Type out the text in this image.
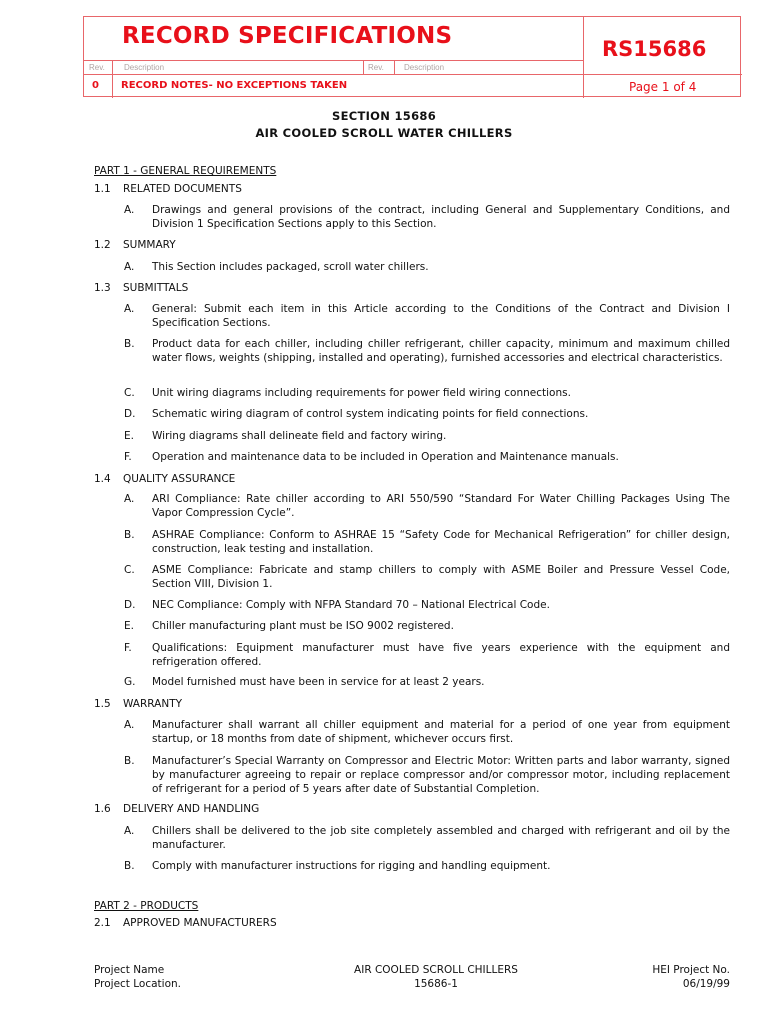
RECORD SPECIFICATIONS	RS15686
Rev. Description	Rev.	Description
0 RECORD NOTES- NO EXCEPTIONS TAKEN	Page 1 of 4
SECTION 15686
AIR COOLED SCROLL WATER CHILLERS
PART 1 - GENERAL REQUIREMENTS
1.1 RELATED DOCUMENTS
A. Drawings and general provisions of the contract, including General and Supplementary Conditions, and Division 1 Specification Sections apply to this Section.
1.2 SUMMARY
A. This Section includes packaged, scroll water chillers.
1.3 SUBMITTALS
A. General: Submit each item in this Article according to the Conditions of the Contract and Division I Specification Sections.
B. Product data for each chiller, including chiller refrigerant, chiller capacity, minimum and maximum chilled water flows, weights (shipping, installed and operating), furnished accessories and electrical characteristics.
C. Unit wiring diagrams including requirements for power field wiring connections.
D. Schematic wiring diagram of control system indicating points for field connections.
E. Wiring diagrams shall delineate field and factory wiring.
F. Operation and maintenance data to be included in Operation and Maintenance manuals.
1.4 QUALITY ASSURANCE
A. ARI Compliance: Rate chiller according to ARI 550/590 “Standard For Water Chilling Packages Using The Vapor Compression Cycle”.
B. ASHRAE Compliance: Conform to ASHRAE 15 “Safety Code for Mechanical Refrigeration” for chiller design, construction, leak testing and installation.
C. ASME Compliance: Fabricate and stamp chillers to comply with ASME Boiler and Pressure Vessel Code, Section VIII, Division 1.
D. NEC Compliance: Comply with NFPA Standard 70 – National Electrical Code.
E. Chiller manufacturing plant must be ISO 9002 registered.
F. Qualifications: Equipment manufacturer must have five years experience with the equipment and refrigeration offered.
G. Model furnished must have been in service for at least 2 years.
1.5 WARRANTY
A. Manufacturer shall warrant all chiller equipment and material for a period of one year from equipment startup, or 18 months from date of shipment, whichever occurs first.
B. Manufacturer’s Special Warranty on Compressor and Electric Motor: Written parts and labor warranty, signed by manufacturer agreeing to repair or replace compressor and/or compressor motor, including replacement of refrigerant for a period of 5 years after date of Substantial Completion.
1.6 DELIVERY AND HANDLING
A. Chillers shall be delivered to the job site completely assembled and charged with refrigerant and oil by the manufacturer.
B. Comply with manufacturer instructions for rigging and handling equipment.
PART 2 - PRODUCTS
2.1 APPROVED MANUFACTURERS
Project Name
Project Location.
AIR COOLED SCROLL CHILLERS
15686-1
HEI Project No.
06/19/99
